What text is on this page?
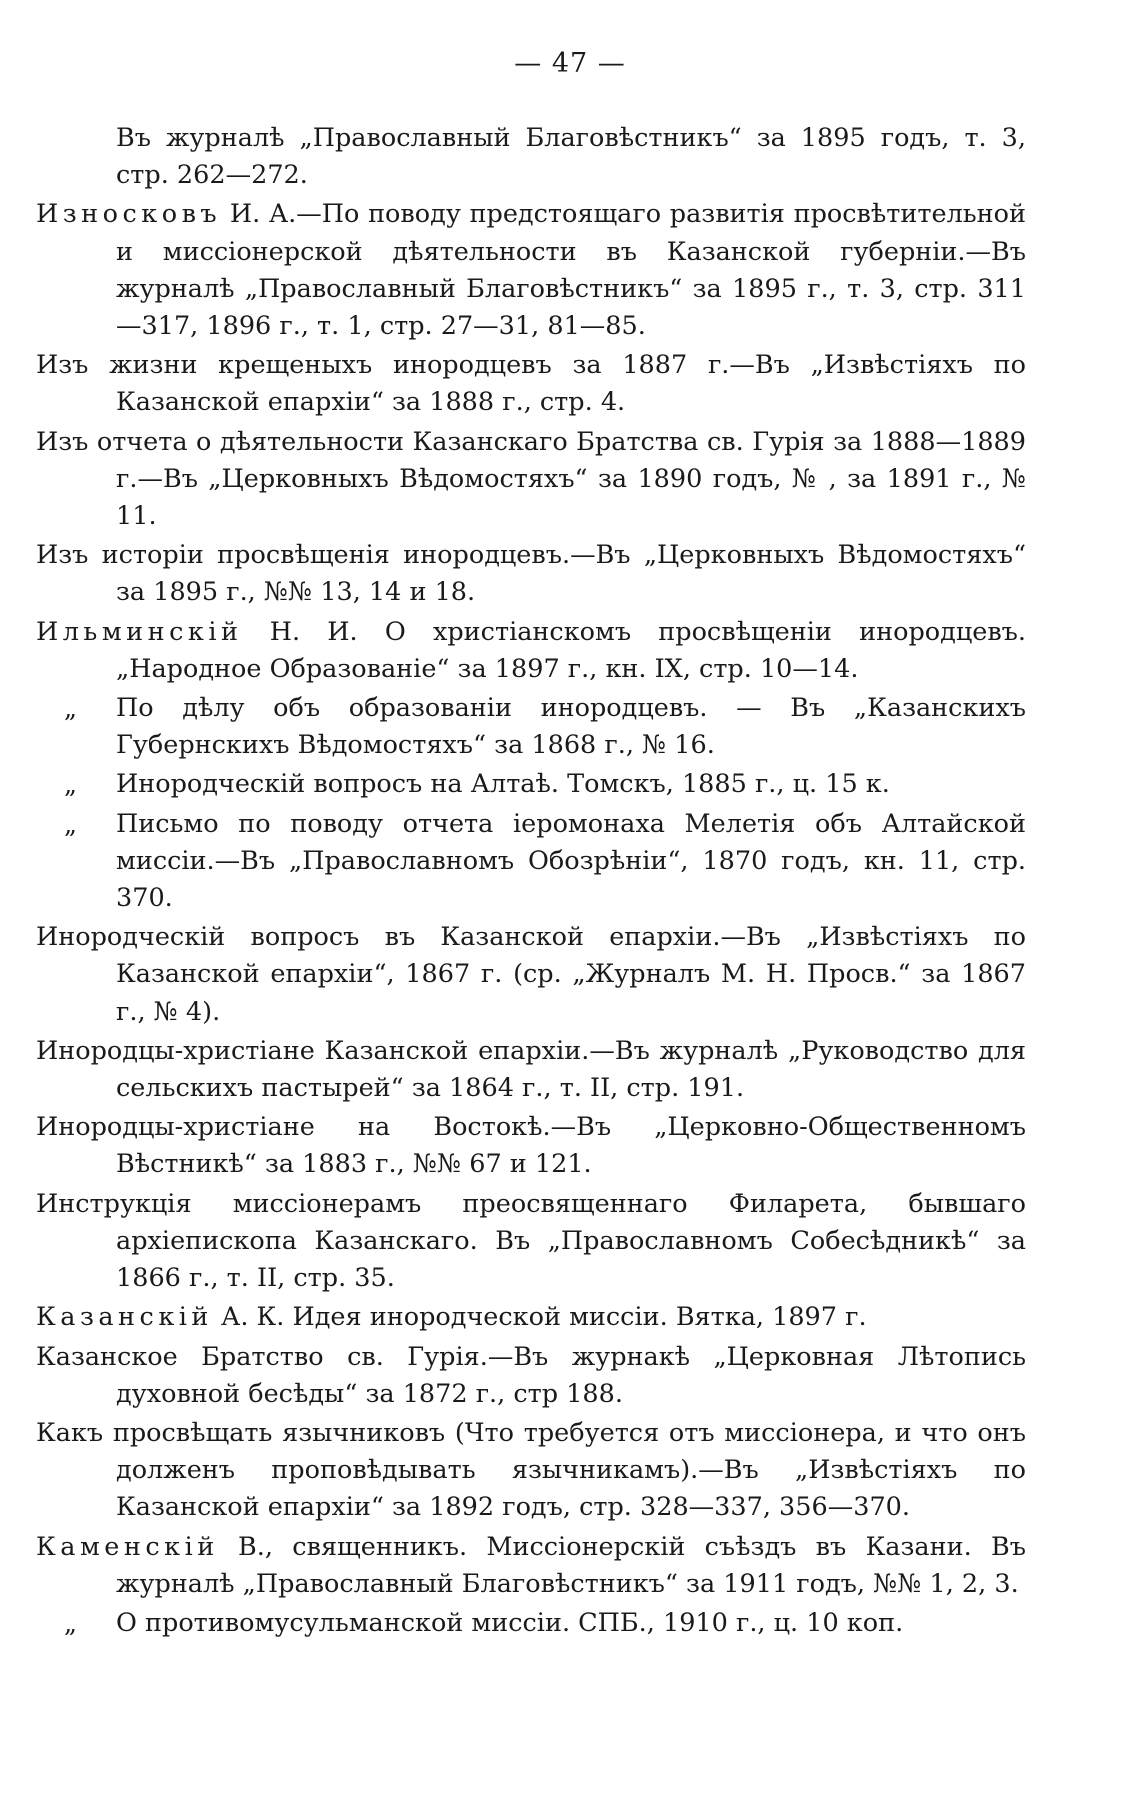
— 47 —

Въ журналѣ „Православный Благовѣстникъ“ за 1895 годъ, т. 3, стр. 262—272.

Износковъ И. А.—По поводу предстоящаго развитія просвѣтительной и миссіонерской дѣятельности въ Казанской губерніи.—Въ журналѣ „Православный Благовѣстникъ“ за 1895 г., т. 3, стр. 311—317, 1896 г., т. 1, стр. 27—31, 81—85.

Изъ жизни крещеныхъ инородцевъ за 1887 г.—Въ „Извѣстіяхъ по Казанской епархіи“ за 1888 г., стр. 4.

Изъ отчета о дѣятельности Казанскаго Братства св. Гурія за 1888—1889 г.—Въ „Церковныхъ Вѣдомостяхъ“ за 1890 годъ, № , за 1891 г., № 11.

Изъ исторіи просвѣщенія инородцевъ.—Въ „Церковныхъ Вѣдомостяхъ“ за 1895 г., №№ 13, 14 и 18.

Ильминскій Н. И. О христіанскомъ просвѣщеніи инородцевъ. „Народное Образованіе“ за 1897 г., кн. IX, стр. 10—14.

„ По дѣлу объ образованіи инородцевъ. — Въ „Казанскихъ Губернскихъ Вѣдомостяхъ“ за 1868 г., № 16.

„ Инородческій вопросъ на Алтаѣ. Томскъ, 1885 г., ц. 15 к.

„ Письмо по поводу отчета іеромонаха Мелетія объ Алтайской миссіи.—Въ „Православномъ Обозрѣніи“, 1870 годъ, кн. 11, стр. 370.

Инородческій вопросъ въ Казанской епархіи.—Въ „Извѣстіяхъ по Казанской епархіи“, 1867 г. (ср. „Журналъ М. Н. Просв.“ за 1867 г., № 4).

Инородцы-христіане Казанской епархіи.—Въ журналѣ „Руководство для сельскихъ пастырей“ за 1864 г., т. II, стр. 191.

Инородцы-христіане на Востокѣ.—Въ „Церковно-Общественномъ Вѣстникѣ“ за 1883 г., №№ 67 и 121.

Инструкція миссіонерамъ преосвященнаго Филарета, бывшаго архіепископа Казанскаго. Въ „Православномъ Собесѣдникѣ“ за 1866 г., т. II, стр. 35.

Казанскій А. К. Идея инородческой миссіи. Вятка, 1897 г.

Казанское Братство св. Гурія.—Въ журнакѣ „Церковная Лѣтопись духовной бесѣды“ за 1872 г., стр 188.

Какъ просвѣщать язычниковъ (Что требуется отъ миссіонера, и что онъ долженъ проповѣдывать язычникамъ).—Въ „Извѣстіяхъ по Казанской епархіи“ за 1892 годъ, стр. 328—337, 356—370.

Каменскій В., священникъ. Миссіонерскій съѣздъ въ Казани. Въ журналѣ „Православный Благовѣстникъ“ за 1911 годъ, №№ 1, 2, 3.

„ О противомусульманской миссіи. СПБ., 1910 г., ц. 10 коп.
